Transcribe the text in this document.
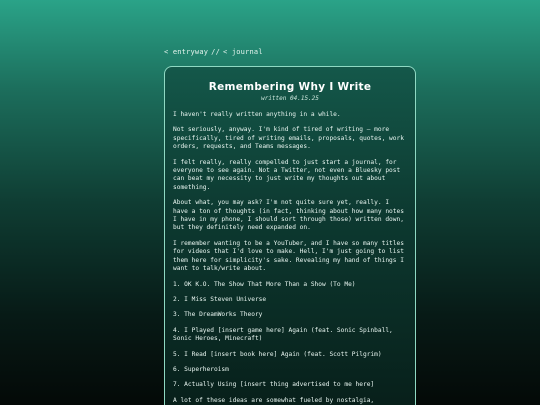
< entryway // < journal
Remembering Why I Write
written 04.15.25

I haven't really written anything in a while.

Not seriously, anyway. I'm kind of tired of writing — more specifically, tired of writing emails, proposals, quotes, work orders, requests, and Teams messages.

I felt really, really compelled to just start a journal, for everyone to see again. Not a Twitter, not even a Bluesky post can beat my necessity to just write my thoughts out about something.

About what, you may ask? I'm not quite sure yet, really. I have a ton of thoughts (in fact, thinking about how many notes I have in my phone, I should sort through those) written down, but they definitely need expanded on.

I remember wanting to be a YouTuber, and I have so many titles for videos that I'd love to make. Hell, I'm just going to list them here for simplicity's sake. Revealing my hand of things I want to talk/write about.

1. OK K.O. The Show That More Than a Show (To Me)

2. I Miss Steven Universe

3. The DreamWorks Theory

4. I Played [insert game here] Again (feat. Sonic Spinball, Sonic Heroes, Minecraft)

5. I Read [insert book here] Again (feat. Scott Pilgrim)

6. Superheroism

7. Actually Using [insert thing advertised to me here]

A lot of these ideas are somewhat fueled by nostalgia,
